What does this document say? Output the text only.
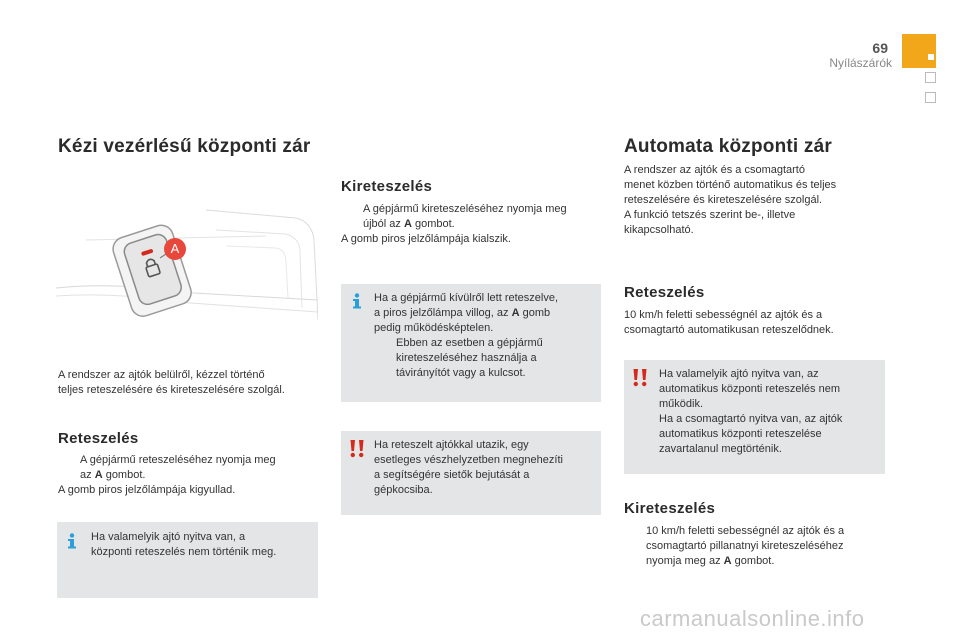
69
Nyílászárók
Kézi vezérlésű központi zár
A

A rendszer az ajtók belülről, kézzel történő

teljes reteszelésére és kireteszelésére szolgál.

Reteszelés
A gépjármű reteszeléséhez nyomja meg
az A gombot.

A gomb piros jelzőlámpája kigyullad.

Ha valamelyik ajtó nyitva van, a
központi reteszelés nem történik meg.
Kireteszelés
A gépjármű kireteszeléséhez nyomja meg
újból az A gombot.

A gomb piros jelzőlámpája kialszik.

Ha a gépjármű kívülről lett reteszelve,
a piros jelzőlámpa villog, az A gomb
pedig működésképtelen.
Ebben az esetben a gépjármű
kireteszeléséhez használja a
távirányítót vagy a kulcsot.
Ha reteszelt ajtókkal utazik, egy
esetleges vészhelyzetben megnehezíti
a segítségére sietők bejutását a
gépkocsiba.
Automata központi zár

A rendszer az ajtók és a csomagtartó

menet közben történő automatikus és teljes

reteszelésére és kireteszelésére szolgál.

A funkció tetszés szerint be-, illetve

kikapcsolható.

Reteszelés

10 km/h feletti sebességnél az ajtók és a

csomagtartó automatikusan reteszelődnek.

Ha valamelyik ajtó nyitva van, az
automatikus központi reteszelés nem
működik.
Ha a csomagtartó nyitva van, az ajtók
automatikus központi reteszelése
zavartalanul megtörténik.
Kireteszelés
10 km/h feletti sebességnél az ajtók és a
csomagtartó pillanatnyi kireteszeléséhez
nyomja meg az A gombot.
carmanualsonline.info
